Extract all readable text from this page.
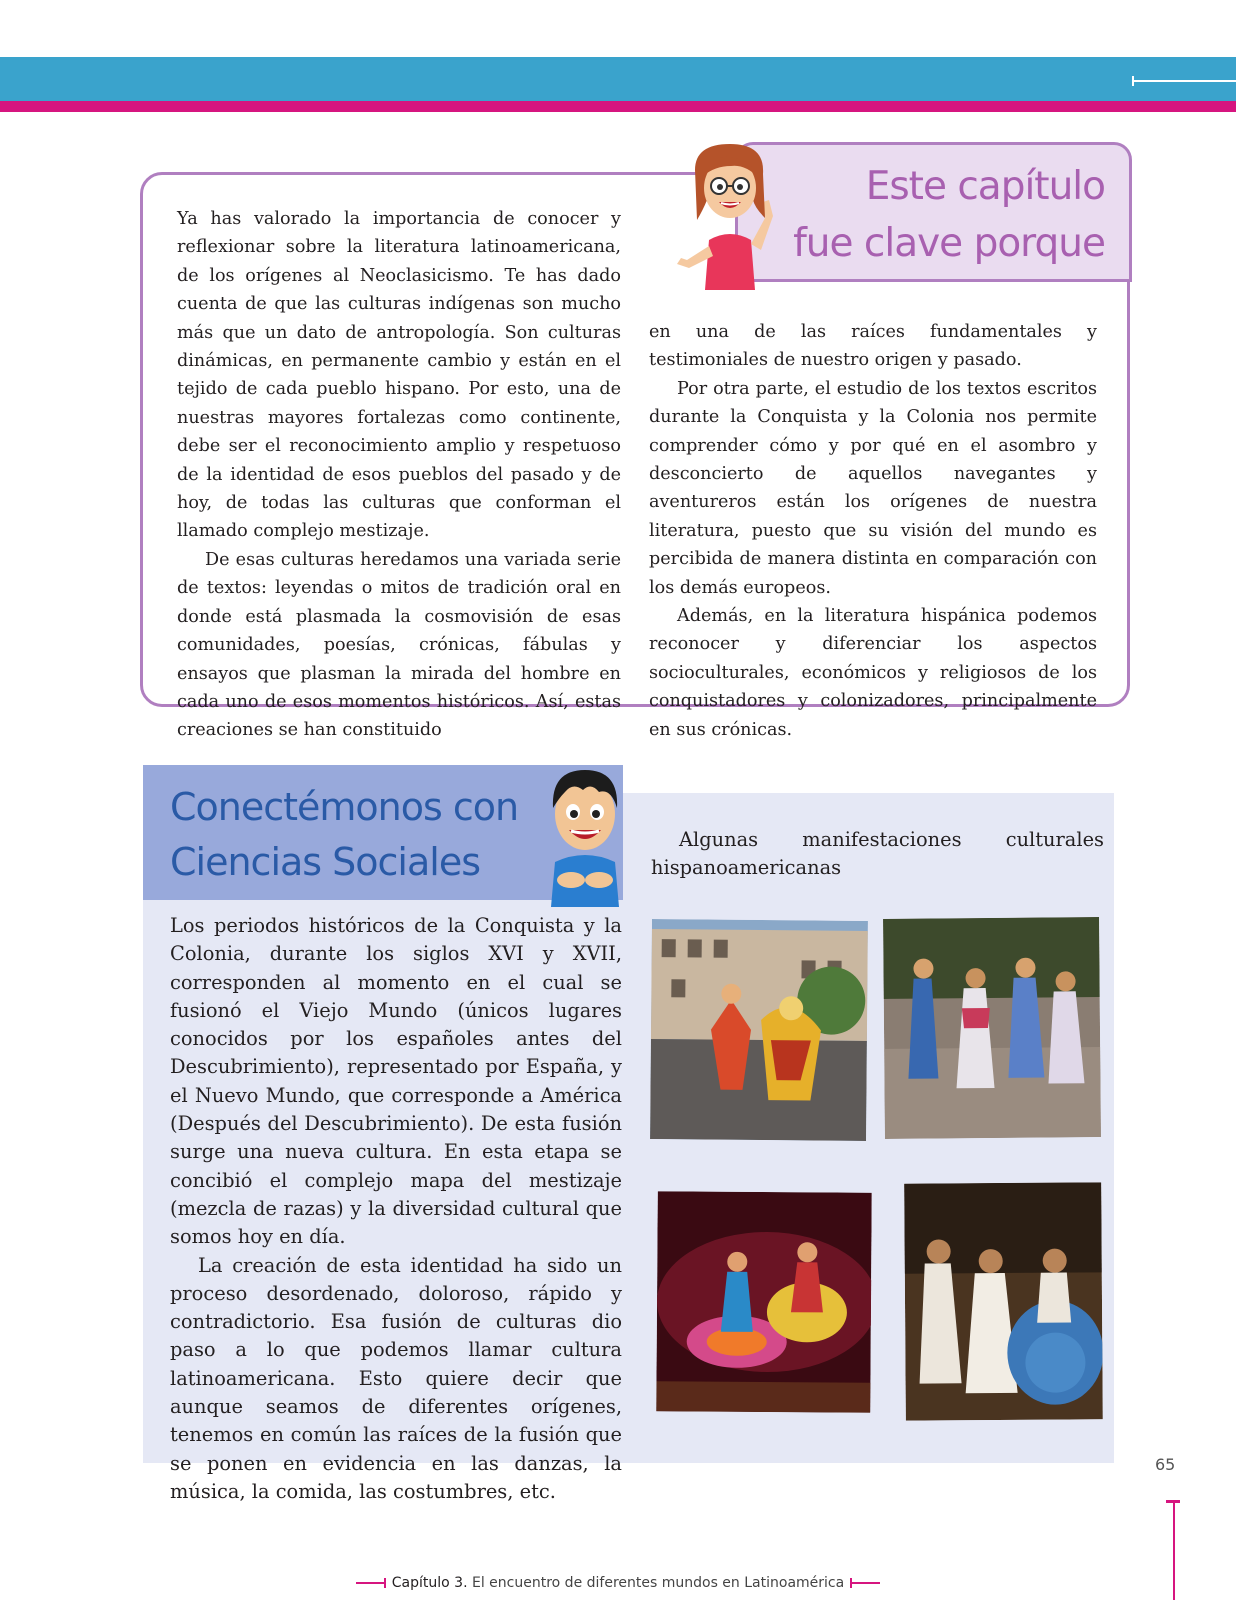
Este capítulo
fue clave porque

Ya has valorado la importancia de conocer y reflexionar sobre la literatura latinoamericana, de los orígenes al Neoclasicismo. Te has dado cuenta de que las culturas indígenas son mucho más que un dato de antropología. Son culturas dinámicas, en permanente cambio y están en el tejido de cada pueblo hispano. Por esto, una de nuestras mayores fortalezas como continente, debe ser el reconocimiento amplio y respetuoso de la identidad de esos pueblos del pasado y de hoy, de todas las culturas que conforman el llamado complejo mestizaje.

De esas culturas heredamos una variada serie de textos: leyendas o mitos de tradición oral en donde está plasmada la cosmovisión de esas comunidades, poesías, crónicas, fábulas y ensayos que plasman la mirada del hombre en cada uno de esos momentos históricos. Así, estas creaciones se han constituido

en una de las raíces fundamentales y testimoniales de nuestro origen y pasado.

Por otra parte, el estudio de los textos escritos durante la Conquista y la Colonia nos permite comprender cómo y por qué en el asombro y desconcierto de aquellos navegantes y aventureros están los orígenes de nuestra literatura, puesto que su visión del mundo es percibida de manera distinta en comparación con los demás europeos.

Además, en la literatura hispánica podemos reconocer y diferenciar los aspectos socioculturales, económicos y religiosos de los conquistadores y colonizadores, principalmente en sus crónicas.

Conectémonos con
Ciencias Sociales

Los periodos históricos de la Conquista y la Colonia, durante los siglos XVI y XVII, corresponden al momento en el cual se fusionó el Viejo Mundo (únicos lugares conocidos por los españoles antes del Descubrimiento), representado por España, y el Nuevo Mundo, que corresponde a América (Después del Descubrimiento). De esta fusión surge una nueva cultura. En esta etapa se concibió el complejo mapa del mestizaje (mezcla de razas) y la diversidad cultural que somos hoy en día.

La creación de esta identidad ha sido un proceso desordenado, doloroso, rápido y contradictorio. Esa fusión de culturas dio paso a lo que podemos llamar cultura latinoamericana. Esto quiere decir que aunque seamos de diferentes orígenes, tenemos en común las raíces de la fusión que se ponen en evidencia en las danzas, la música, la comida, las costumbres, etc.

Algunas manifestaciones culturales hispanoamericanas

65
Capítulo 3. El encuentro de diferentes mundos en Latinoamérica
